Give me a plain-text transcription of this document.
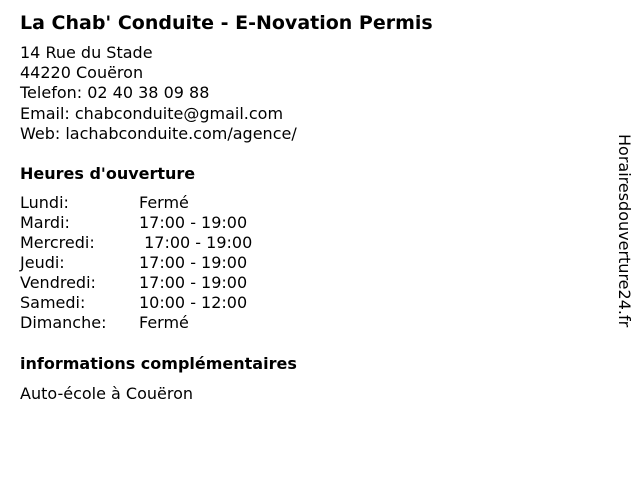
La Chab' Conduite - E-Novation Permis
14 Rue du Stade
44220 Couëron
Telefon: 02 40 38 09 88
Email: chabconduite@gmail.com
Web: lachabconduite.com/agence/
Heures d'ouverture
Lundi:	Fermé
Mardi:	17:00 - 19:00
Mercredi:	17:00 - 19:00
Jeudi:	17:00 - 19:00
Vendredi:	17:00 - 19:00
Samedi:	10:00 - 12:00
Dimanche:	Fermé
informations complémentaires
Auto-école à Couëron
Horairesdouverture24.fr
